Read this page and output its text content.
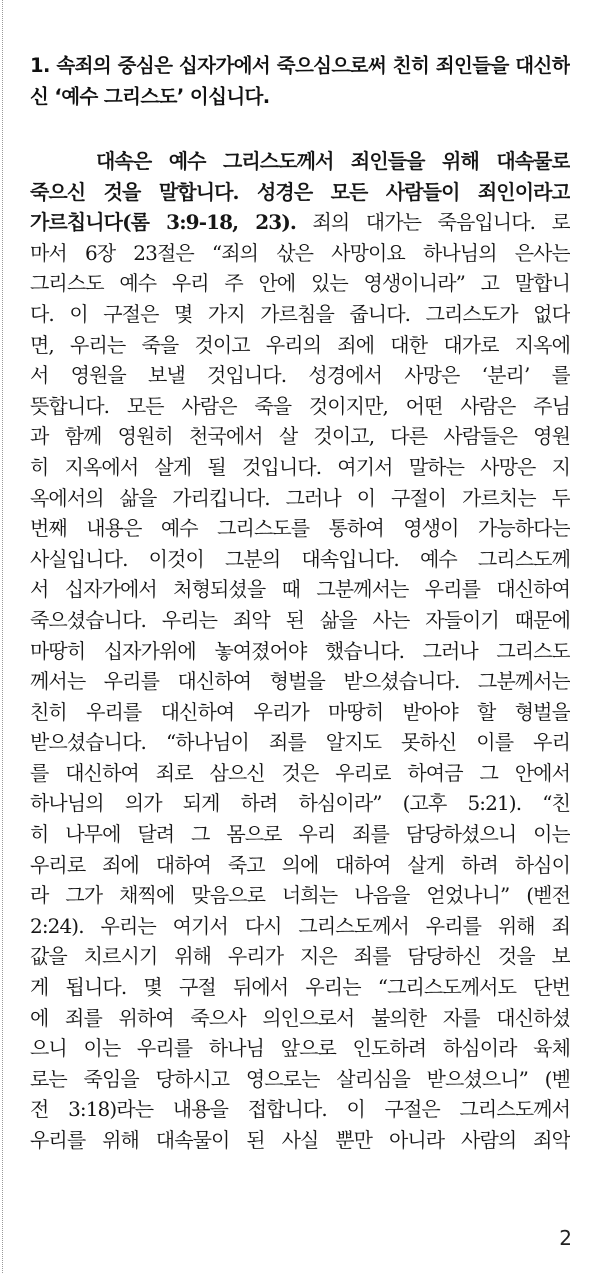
1. 속죄의 중심은 십자가에서 죽으심으로써 친히 죄인들을 대신하
신 ‘예수 그리스도’ 이십니다.
대속은 예수 그리스도께서 죄인들을 위해 대속물로
죽으신 것을 말합니다. 성경은 모든 사람들이 죄인이라고
가르칩니다(롬 3:9-18, 23). 죄의 대가는 죽음입니다. 로
마서 6장 23절은 “죄의 삯은 사망이요 하나님의 은사는
그리스도 예수 우리 주 안에 있는 영생이니라” 고 말합니
다. 이 구절은 몇 가지 가르침을 줍니다. 그리스도가 없다
면, 우리는 죽을 것이고 우리의 죄에 대한 대가로 지옥에
서 영원을 보낼 것입니다. 성경에서 사망은 ‘분리’ 를
뜻합니다. 모든 사람은 죽을 것이지만, 어떤 사람은 주님
과 함께 영원히 천국에서 살 것이고, 다른 사람들은 영원
히 지옥에서 살게 될 것입니다. 여기서 말하는 사망은 지
옥에서의 삶을 가리킵니다. 그러나 이 구절이 가르치는 두
번째 내용은 예수 그리스도를 통하여 영생이 가능하다는
사실입니다. 이것이 그분의 대속입니다. 예수 그리스도께
서 십자가에서 처형되셨을 때 그분께서는 우리를 대신하여
죽으셨습니다. 우리는 죄악 된 삶을 사는 자들이기 때문에
마땅히 십자가위에 놓여졌어야 했습니다. 그러나 그리스도
께서는 우리를 대신하여 형벌을 받으셨습니다. 그분께서는
친히 우리를 대신하여 우리가 마땅히 받아야 할 형벌을
받으셨습니다. “하나님이 죄를 알지도 못하신 이를 우리
를 대신하여 죄로 삼으신 것은 우리로 하여금 그 안에서
하나님의 의가 되게 하려 하심이라” (고후 5:21). “친
히 나무에 달려 그 몸으로 우리 죄를 담당하셨으니 이는
우리로 죄에 대하여 죽고 의에 대하여 살게 하려 하심이
라 그가 채찍에 맞음으로 너희는 나음을 얻었나니” (벧전
2:24). 우리는 여기서 다시 그리스도께서 우리를 위해 죄
값을 치르시기 위해 우리가 지은 죄를 담당하신 것을 보
게 됩니다. 몇 구절 뒤에서 우리는 “그리스도께서도 단번
에 죄를 위하여 죽으사 의인으로서 불의한 자를 대신하셨
으니 이는 우리를 하나님 앞으로 인도하려 하심이라 육체
로는 죽임을 당하시고 영으로는 살리심을 받으셨으니” (벧
전 3:18)라는 내용을 접합니다. 이 구절은 그리스도께서
우리를 위해 대속물이 된 사실 뿐만 아니라 사람의 죄악
2
